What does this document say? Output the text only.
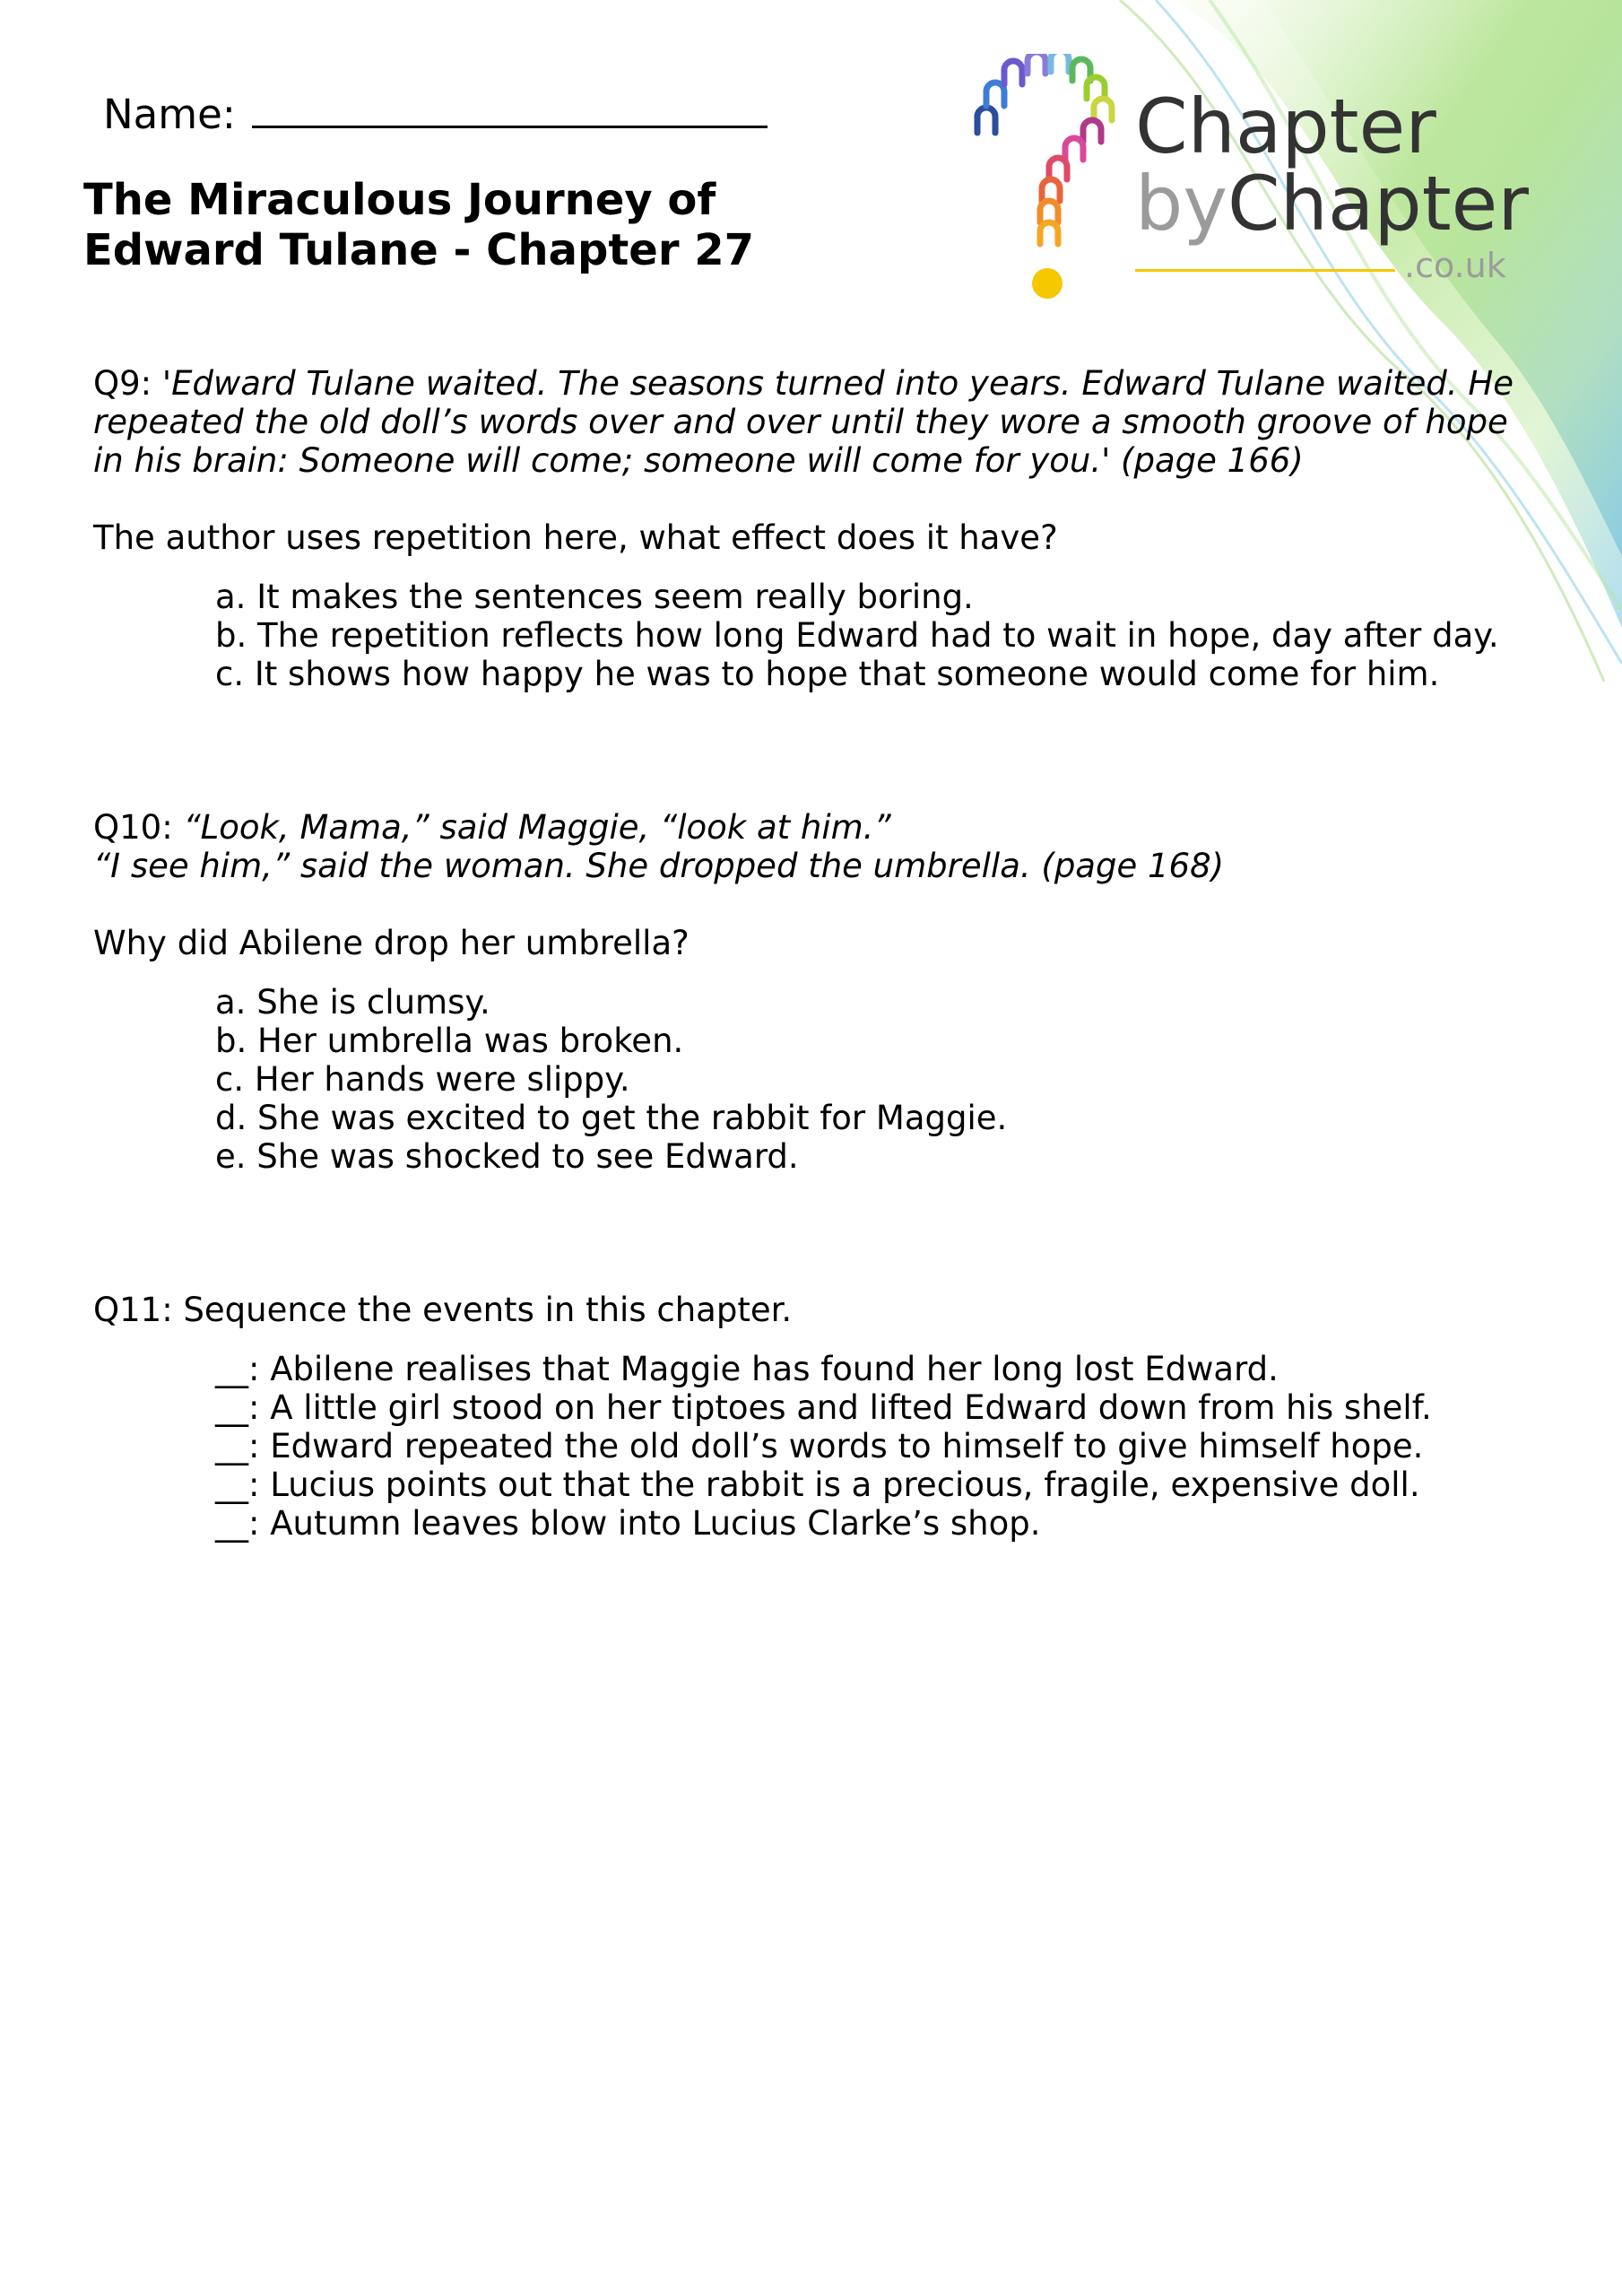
Name:
The Miraculous Journey of
Edward Tulane - Chapter 27
Chapter
byChapter
.co.uk
Q9: 'Edward Tulane waited. The seasons turned into years. Edward Tulane waited. He repeated the old doll’s words over and over until they wore a smooth groove of hope in his brain: Someone will come; someone will come for you.' (page 166)
The author uses repetition here, what effect does it have?
a. It makes the sentences seem really boring.
b. The repetition reflects how long Edward had to wait in hope, day after day.
c. It shows how happy he was to hope that someone would come for him.
Q10: “Look, Mama,” said Maggie, “look at him.”
“I see him,” said the woman. She dropped the umbrella. (page 168)
Why did Abilene drop her umbrella?
a. She is clumsy.
b. Her umbrella was broken.
c. Her hands were slippy.
d. She was excited to get the rabbit for Maggie.
e. She was shocked to see Edward.
Q11: Sequence the events in this chapter.
__: Abilene realises that Maggie has found her long lost Edward.
__: A little girl stood on her tiptoes and lifted Edward down from his shelf.
__: Edward repeated the old doll’s words to himself to give himself hope.
__: Lucius points out that the rabbit is a precious, fragile, expensive doll.
__: Autumn leaves blow into Lucius Clarke’s shop.
